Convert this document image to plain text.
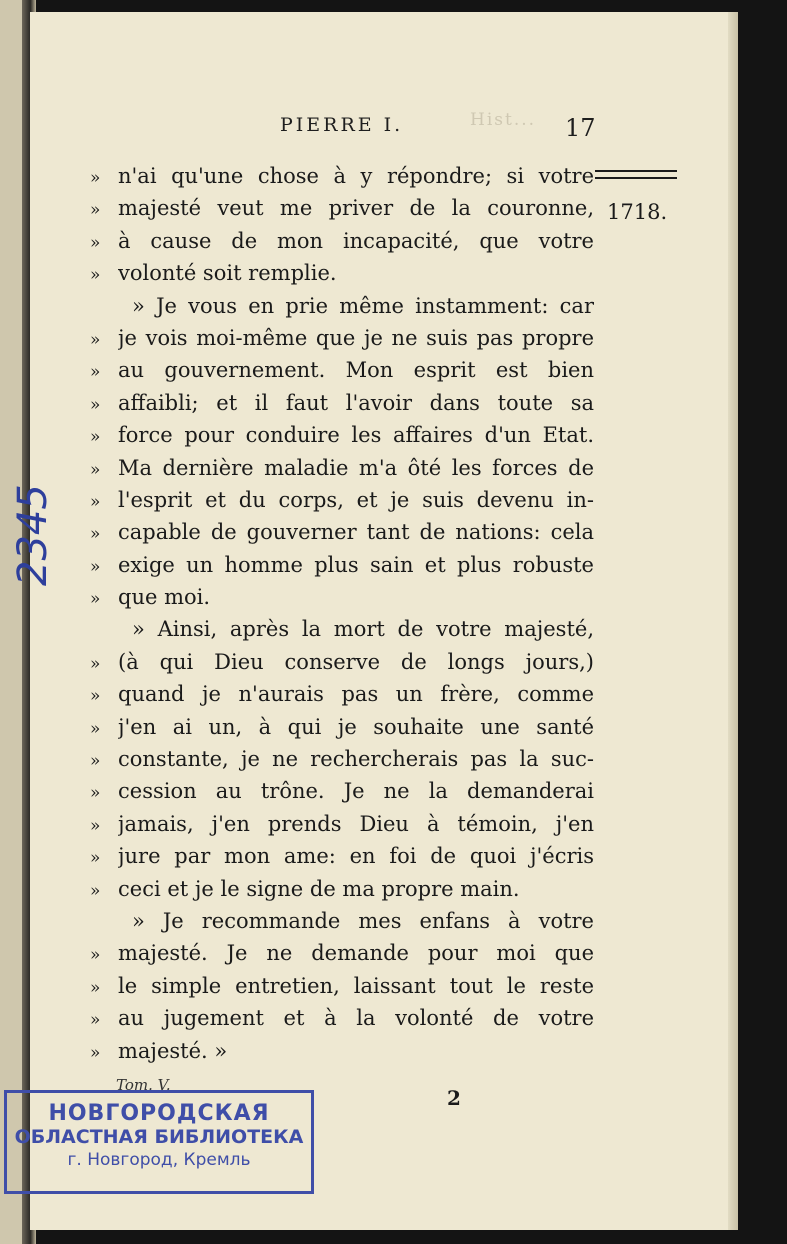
Hist...
PIERRE I.	17
1718.
» n'ai qu'une chose à y répondre; si votre
» majesté veut me priver de la couronne,
» à cause de mon incapacité, que votre
» volonté soit remplie.
» Je vous en prie même instamment: car
» je vois moi-même que je ne suis pas propre
» au gouvernement. Mon esprit est bien
» affaibli; et il faut l'avoir dans toute sa
» force pour conduire les affaires d'un Etat.
» Ma dernière maladie m'a ôté les forces de
» l'esprit et du corps, et je suis devenu in-
» capable de gouverner tant de nations: cela
» exige un homme plus sain et plus robuste
» que moi.
» Ainsi, après la mort de votre majesté,
» (à qui Dieu conserve de longs jours,)
» quand je n'aurais pas un frère, comme
» j'en ai un, à qui je souhaite une santé
» constante, je ne rechercherais pas la suc-
» cession au trône. Je ne la demanderai
» jamais, j'en prends Dieu à témoin, j'en
» jure par mon ame: en foi de quoi j'écris
» ceci et je le signe de ma propre main.
» Je recommande mes enfans à votre
» majesté. Je ne demande pour moi que
» le simple entretien, laissant tout le reste
» au jugement et à la volonté de votre
» majesté. »
Tom. V.
2
2345
НОВГОРОДСКАЯ
ОБЛАСТНАЯ БИБЛИОТЕКА
г. Новгород, Кремль
